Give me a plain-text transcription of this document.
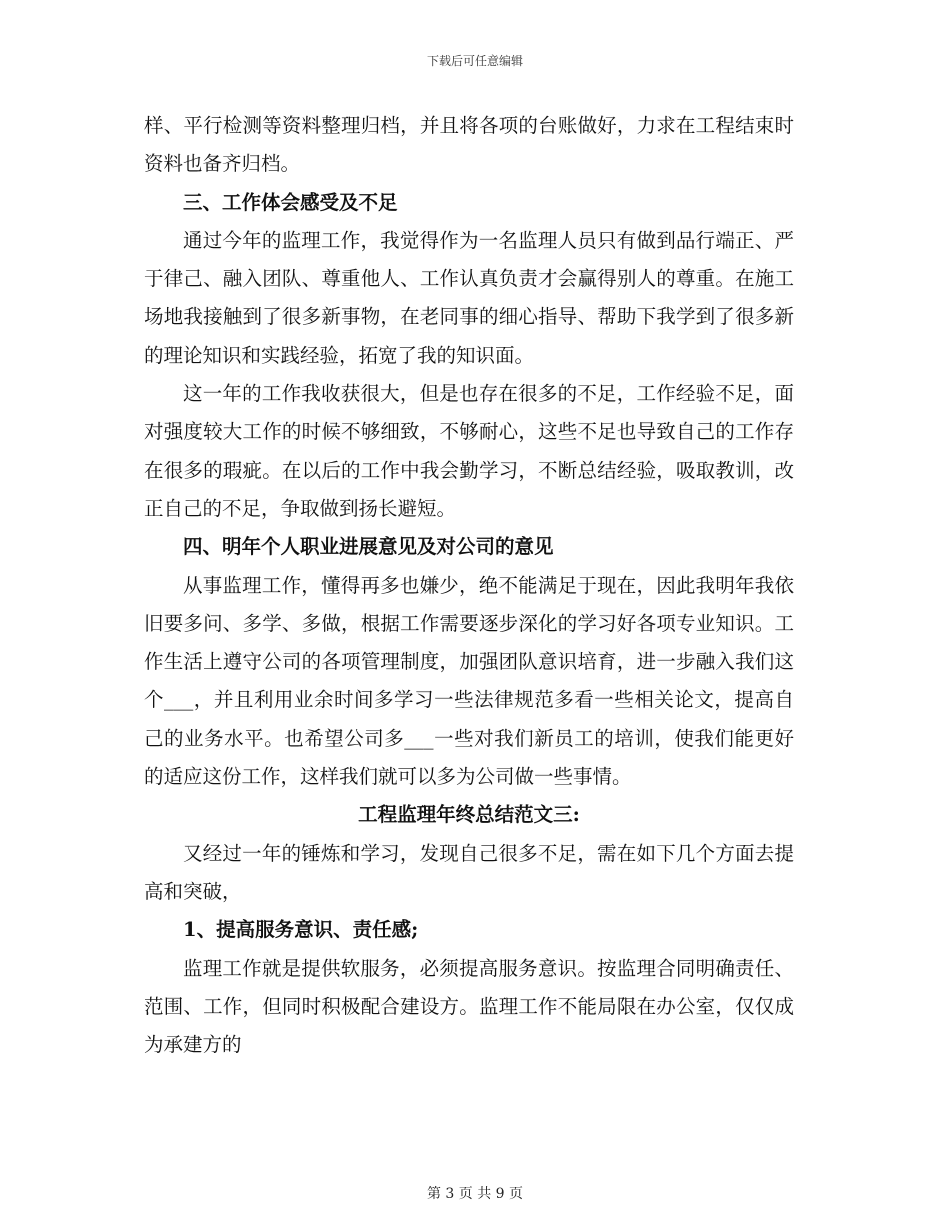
下载后可任意编辑

样、平行检测等资料整理归档，并且将各项的台账做好，力求在工程结束时资料也备齐归档。

三、工作体会感受及不足

通过今年的监理工作，我觉得作为一名监理人员只有做到品行端正、严于律己、融入团队、尊重他人、工作认真负责才会赢得别人的尊重。在施工场地我接触到了很多新事物，在老同事的细心指导、帮助下我学到了很多新的理论知识和实践经验，拓宽了我的知识面。

这一年的工作我收获很大，但是也存在很多的不足，工作经验不足，面对强度较大工作的时候不够细致，不够耐心，这些不足也导致自己的工作存在很多的瑕疵。在以后的工作中我会勤学习，不断总结经验，吸取教训，改正自己的不足，争取做到扬长避短。

四、明年个人职业进展意见及对公司的意见

从事监理工作，懂得再多也嫌少，绝不能满足于现在，因此我明年我依旧要多问、多学、多做，根据工作需要逐步深化的学习好各项专业知识。工作生活上遵守公司的各项管理制度，加强团队意识培育，进一步融入我们这个___，并且利用业余时间多学习一些法律规范多看一些相关论文，提高自己的业务水平。也希望公司多___一些对我们新员工的培训，使我们能更好的适应这份工作，这样我们就可以多为公司做一些事情。

工程监理年终总结范文三:

又经过一年的锤炼和学习，发现自己很多不足，需在如下几个方面去提高和突破，

1、提高服务意识、责任感;

监理工作就是提供软服务，必须提高服务意识。按监理合同明确责任、范围、工作，但同时积极配合建设方。监理工作不能局限在办公室，仅仅成为承建方的

第 3 页 共 9 页
